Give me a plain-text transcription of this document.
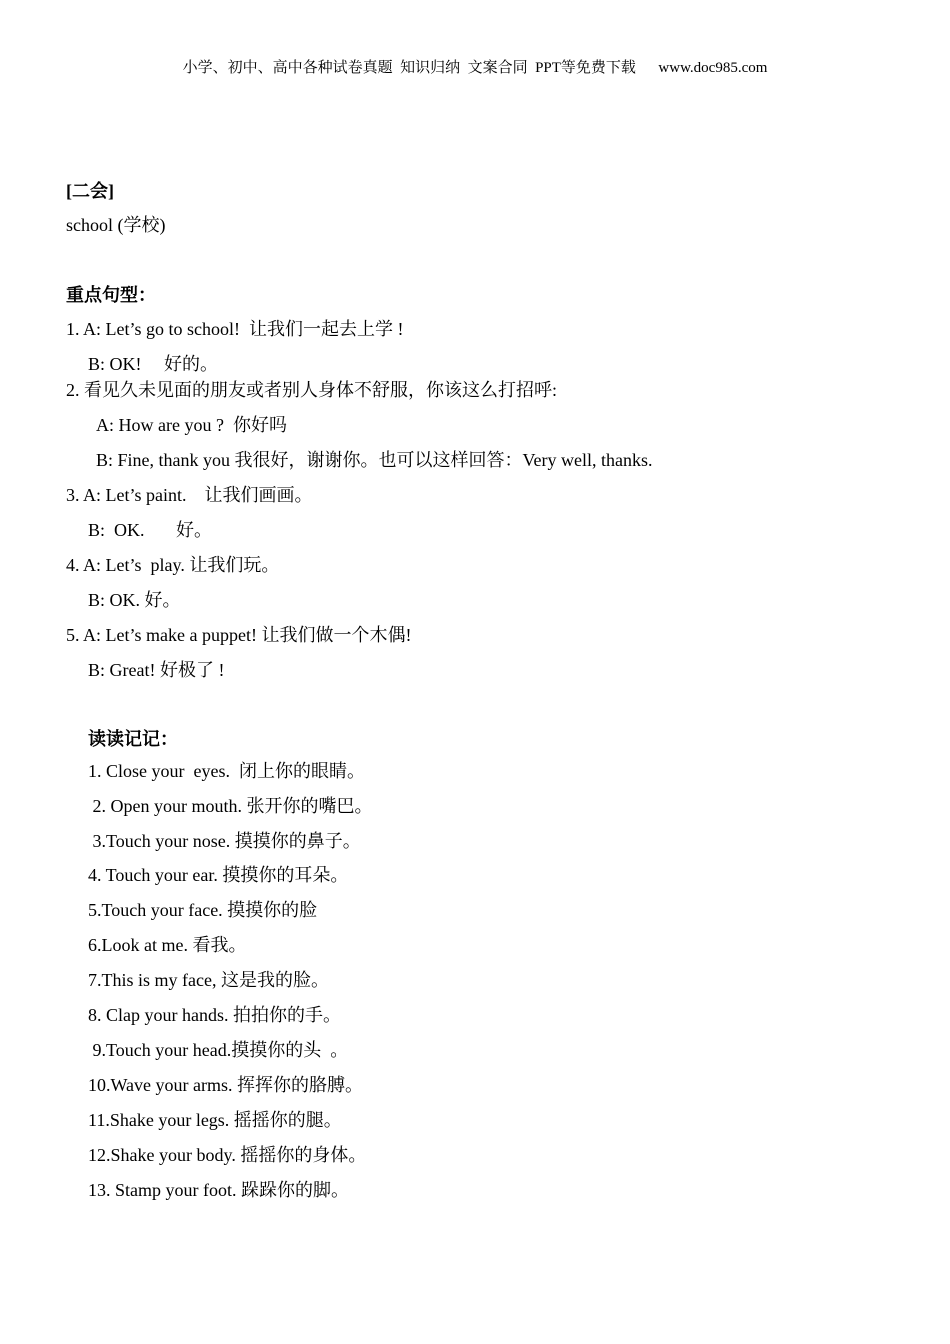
小学、初中、高中各种试卷真题  知识归纳  文案合同  PPT等免费下载      www.doc985.com
[二会]
school (学校)
重点句型：
1. A: Let’s go to school!  让我们一起去上学 !
B: OK!     好的。
2. 看见久未见面的朋友或者别人身体不舒服，你该这么打招呼:
A: How are you ?  你好吗
B: Fine, thank you 我很好，谢谢你。也可以这样回答：Very well, thanks.
3. A: Let’s paint.    让我们画画。
B:  OK.       好。
4. A: Let’s  play. 让我们玩。
B: OK. 好。
5. A: Let’s make a puppet! 让我们做一个木偶!
B: Great! 好极了 !
读读记记：
1. Close your  eyes.  闭上你的眼睛。
2. Open your mouth. 张开你的嘴巴。
3.Touch your nose. 摸摸你的鼻子。
4. Touch your ear. 摸摸你的耳朵。
5.Touch your face. 摸摸你的脸
6.Look at me. 看我。
7.This is my face, 这是我的脸。
8. Clap your hands. 拍拍你的手。
9.Touch your head.摸摸你的头  。
10.Wave your arms. 挥挥你的胳膊。
11.Shake your legs. 摇摇你的腿。
12.Shake your body. 摇摇你的身体。
13. Stamp your foot. 跺跺你的脚。
